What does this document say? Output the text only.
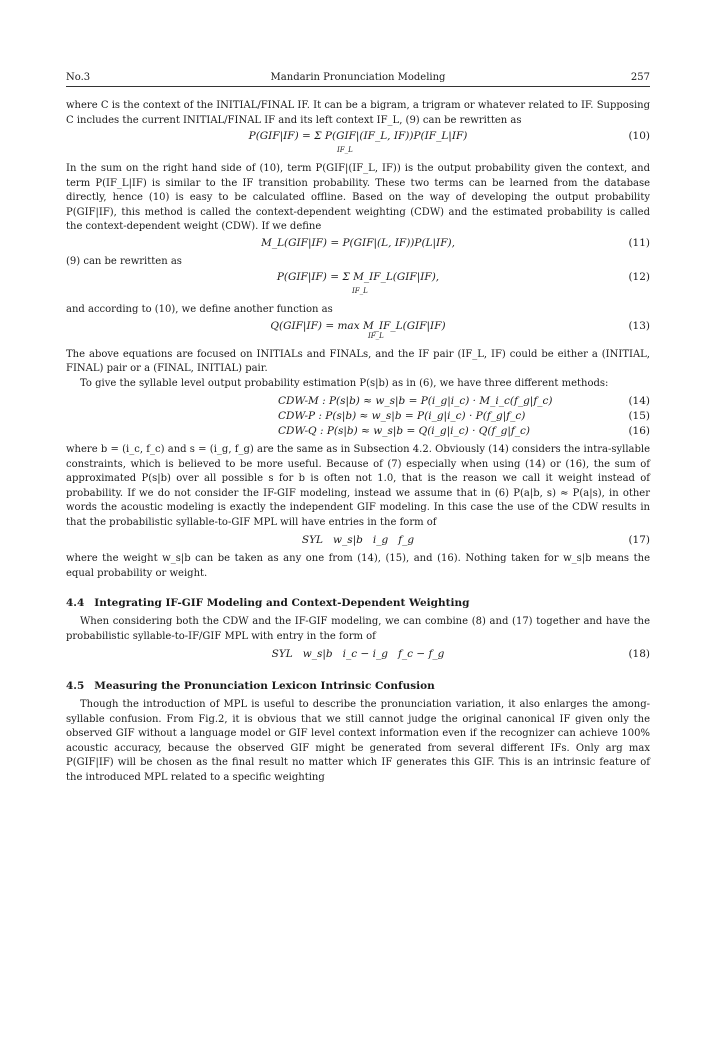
No.3	Mandarin Pronunciation Modeling	257

where C is the context of the INITIAL/FINAL IF. It can be a bigram, a trigram or whatever related to IF. Supposing C includes the current INITIAL/FINAL IF and its left context IF_L, (9) can be rewritten as

P(GIF|IF) = Σ P(GIF|(IF_L, IF))P(IF_L|IF)
IF_L
(10)

In the sum on the right hand side of (10), term P(GIF|(IF_L, IF)) is the output probability given the context, and term P(IF_L|IF) is similar to the IF transition probability. These two terms can be learned from the database directly, hence (10) is easy to be calculated offline. Based on the way of developing the output probability P(GIF|IF), this method is called the context-dependent weighting (CDW) and the estimated probability is called the context-dependent weight (CDW). If we define

M_L(GIF|IF) = P(GIF|(L, IF))P(L|IF),	(11)

(9) can be rewritten as

P(GIF|IF) = Σ M_IF_L(GIF|IF),
IF_L
(12)

and according to (10), we define another function as

Q(GIF|IF) = max M_IF_L(GIF|IF)
IF_L
(13)

The above equations are focused on INITIALs and FINALs, and the IF pair (IF_L, IF) could be either a (INITIAL, FINAL) pair or a (FINAL, INITIAL) pair.

To give the syllable level output probability estimation P(s|b) as in (6), we have three different methods:

CDW-M : P(s|b) ≈ w_s|b = P(i_g|i_c) · M_i_c(f_g|f_c)	(14)
CDW-P : P(s|b) ≈ w_s|b = P(i_g|i_c) · P(f_g|f_c)	(15)
CDW-Q : P(s|b) ≈ w_s|b = Q(i_g|i_c) · Q(f_g|f_c)	(16)

where b = (i_c, f_c) and s = (i_g, f_g) are the same as in Subsection 4.2. Obviously (14) considers the intra-syllable constraints, which is believed to be more useful. Because of (7) especially when using (14) or (16), the sum of approximated P(s|b) over all possible s for b is often not 1.0, that is the reason we call it weight instead of probability. If we do not consider the IF-GIF modeling, instead we assume that in (6) P(a|b, s) ≈ P(a|s), in other words the acoustic modeling is exactly the independent GIF modeling. In this case the use of the CDW results in that the probabilistic syllable-to-GIF MPL will have entries in the form of

SYL   w_s|b   i_g   f_g	(17)

where the weight w_s|b can be taken as any one from (14), (15), and (16). Nothing taken for w_s|b means the equal probability or weight.

4.4 Integrating IF-GIF Modeling and Context-Dependent Weighting

When considering both the CDW and the IF-GIF modeling, we can combine (8) and (17) together and have the probabilistic syllable-to-IF/GIF MPL with entry in the form of

SYL   w_s|b   i_c − i_g   f_c − f_g	(18)
4.5 Measuring the Pronunciation Lexicon Intrinsic Confusion

Though the introduction of MPL is useful to describe the pronunciation variation, it also enlarges the among-syllable confusion. From Fig.2, it is obvious that we still cannot judge the original canonical IF given only the observed GIF without a language model or GIF level context information even if the recognizer can achieve 100% acoustic accuracy, because the observed GIF might be generated from several different IFs. Only arg max P(GIF|IF) will be chosen as the final result no matter which IF generates this GIF. This is an intrinsic feature of the introduced MPL related to a specific weighting
